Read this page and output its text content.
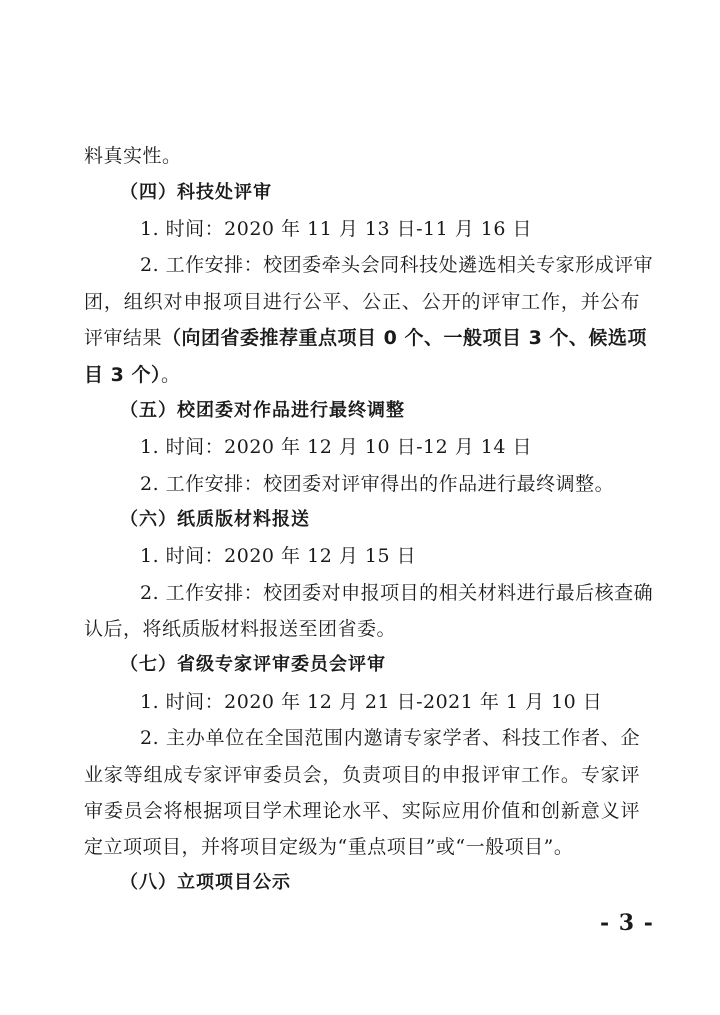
料真实性。
（四）科技处评审
1. 时间：2020 年 11 月 13 日-11 月 16 日
2. 工作安排：校团委牵头会同科技处遴选相关专家形成评审
团，组织对申报项目进行公平、公正、公开的评审工作，并公布
评审结果（向团省委推荐重点项目 0 个、一般项目 3 个、候选项
目 3 个）。
（五）校团委对作品进行最终调整
1. 时间：2020 年 12 月 10 日-12 月 14 日
2. 工作安排：校团委对评审得出的作品进行最终调整。
（六）纸质版材料报送
1. 时间：2020 年 12 月 15 日
2. 工作安排：校团委对申报项目的相关材料进行最后核查确
认后，将纸质版材料报送至团省委。
（七）省级专家评审委员会评审
1. 时间：2020 年 12 月 21 日-2021 年 1 月 10 日
2. 主办单位在全国范围内邀请专家学者、科技工作者、企
业家等组成专家评审委员会，负责项目的申报评审工作。专家评
审委员会将根据项目学术理论水平、实际应用价值和创新意义评
定立项项目，并将项目定级为“重点项目”或“一般项目”。
（八）立项项目公示
- 3 -
